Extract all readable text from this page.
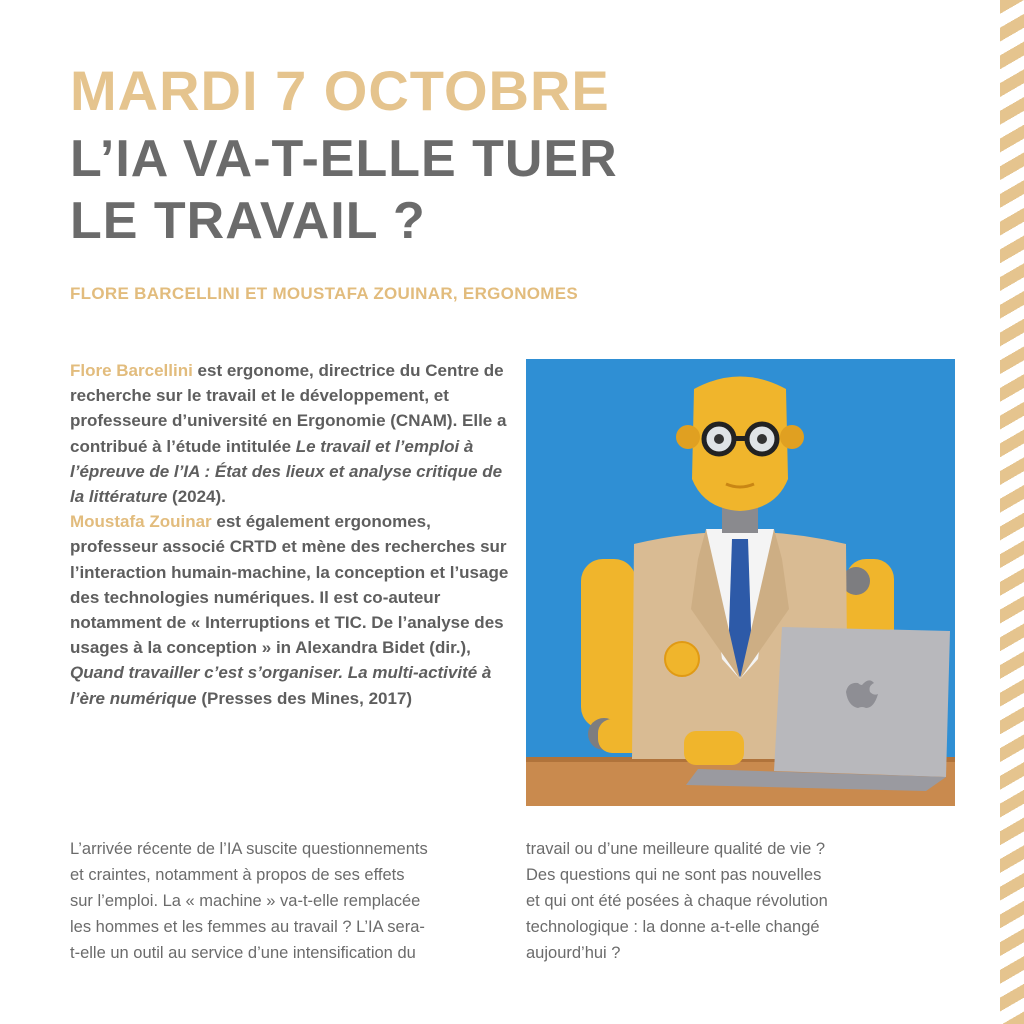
MARDI 7 OCTOBRE
L’IA VA-T-ELLE TUER
LE TRAVAIL ?
FLORE BARCELLINI ET MOUSTAFA ZOUINAR, ERGONOMES

Flore Barcellini est ergonome, directrice du Centre de recherche sur le travail et le développement, et professeure d’université en Ergonomie (CNAM). Elle a contribué à l’étude intitulée Le travail et l’emploi à l’épreuve de l’IA : État des lieux et analyse critique de la littérature (2024).

Moustafa Zouinar est également ergonomes, professeur associé CRTD et mène des recherches sur l’interaction humain-machine, la conception et l’usage des technologies numériques. Il est co-auteur notamment de « Interruptions et TIC. De l’analyse des usages à la conception » in Alexandra Bidet (dir.), Quand travailler c’est s’organiser. La multi-activité à l’ère numérique (Presses des Mines, 2017)

L’arrivée récente de l’IA suscite questionnements
et craintes, notamment à propos de ses effets
sur l’emploi. La « machine » va-t-elle remplacée
les hommes et les femmes au travail ? L’IA sera-
t-elle un outil au service d’une intensification du
travail ou d’une meilleure qualité de vie ?
Des questions qui ne sont pas nouvelles
et qui ont été posées à chaque révolution
technologique : la donne a-t-elle changé
aujourd’hui ?
